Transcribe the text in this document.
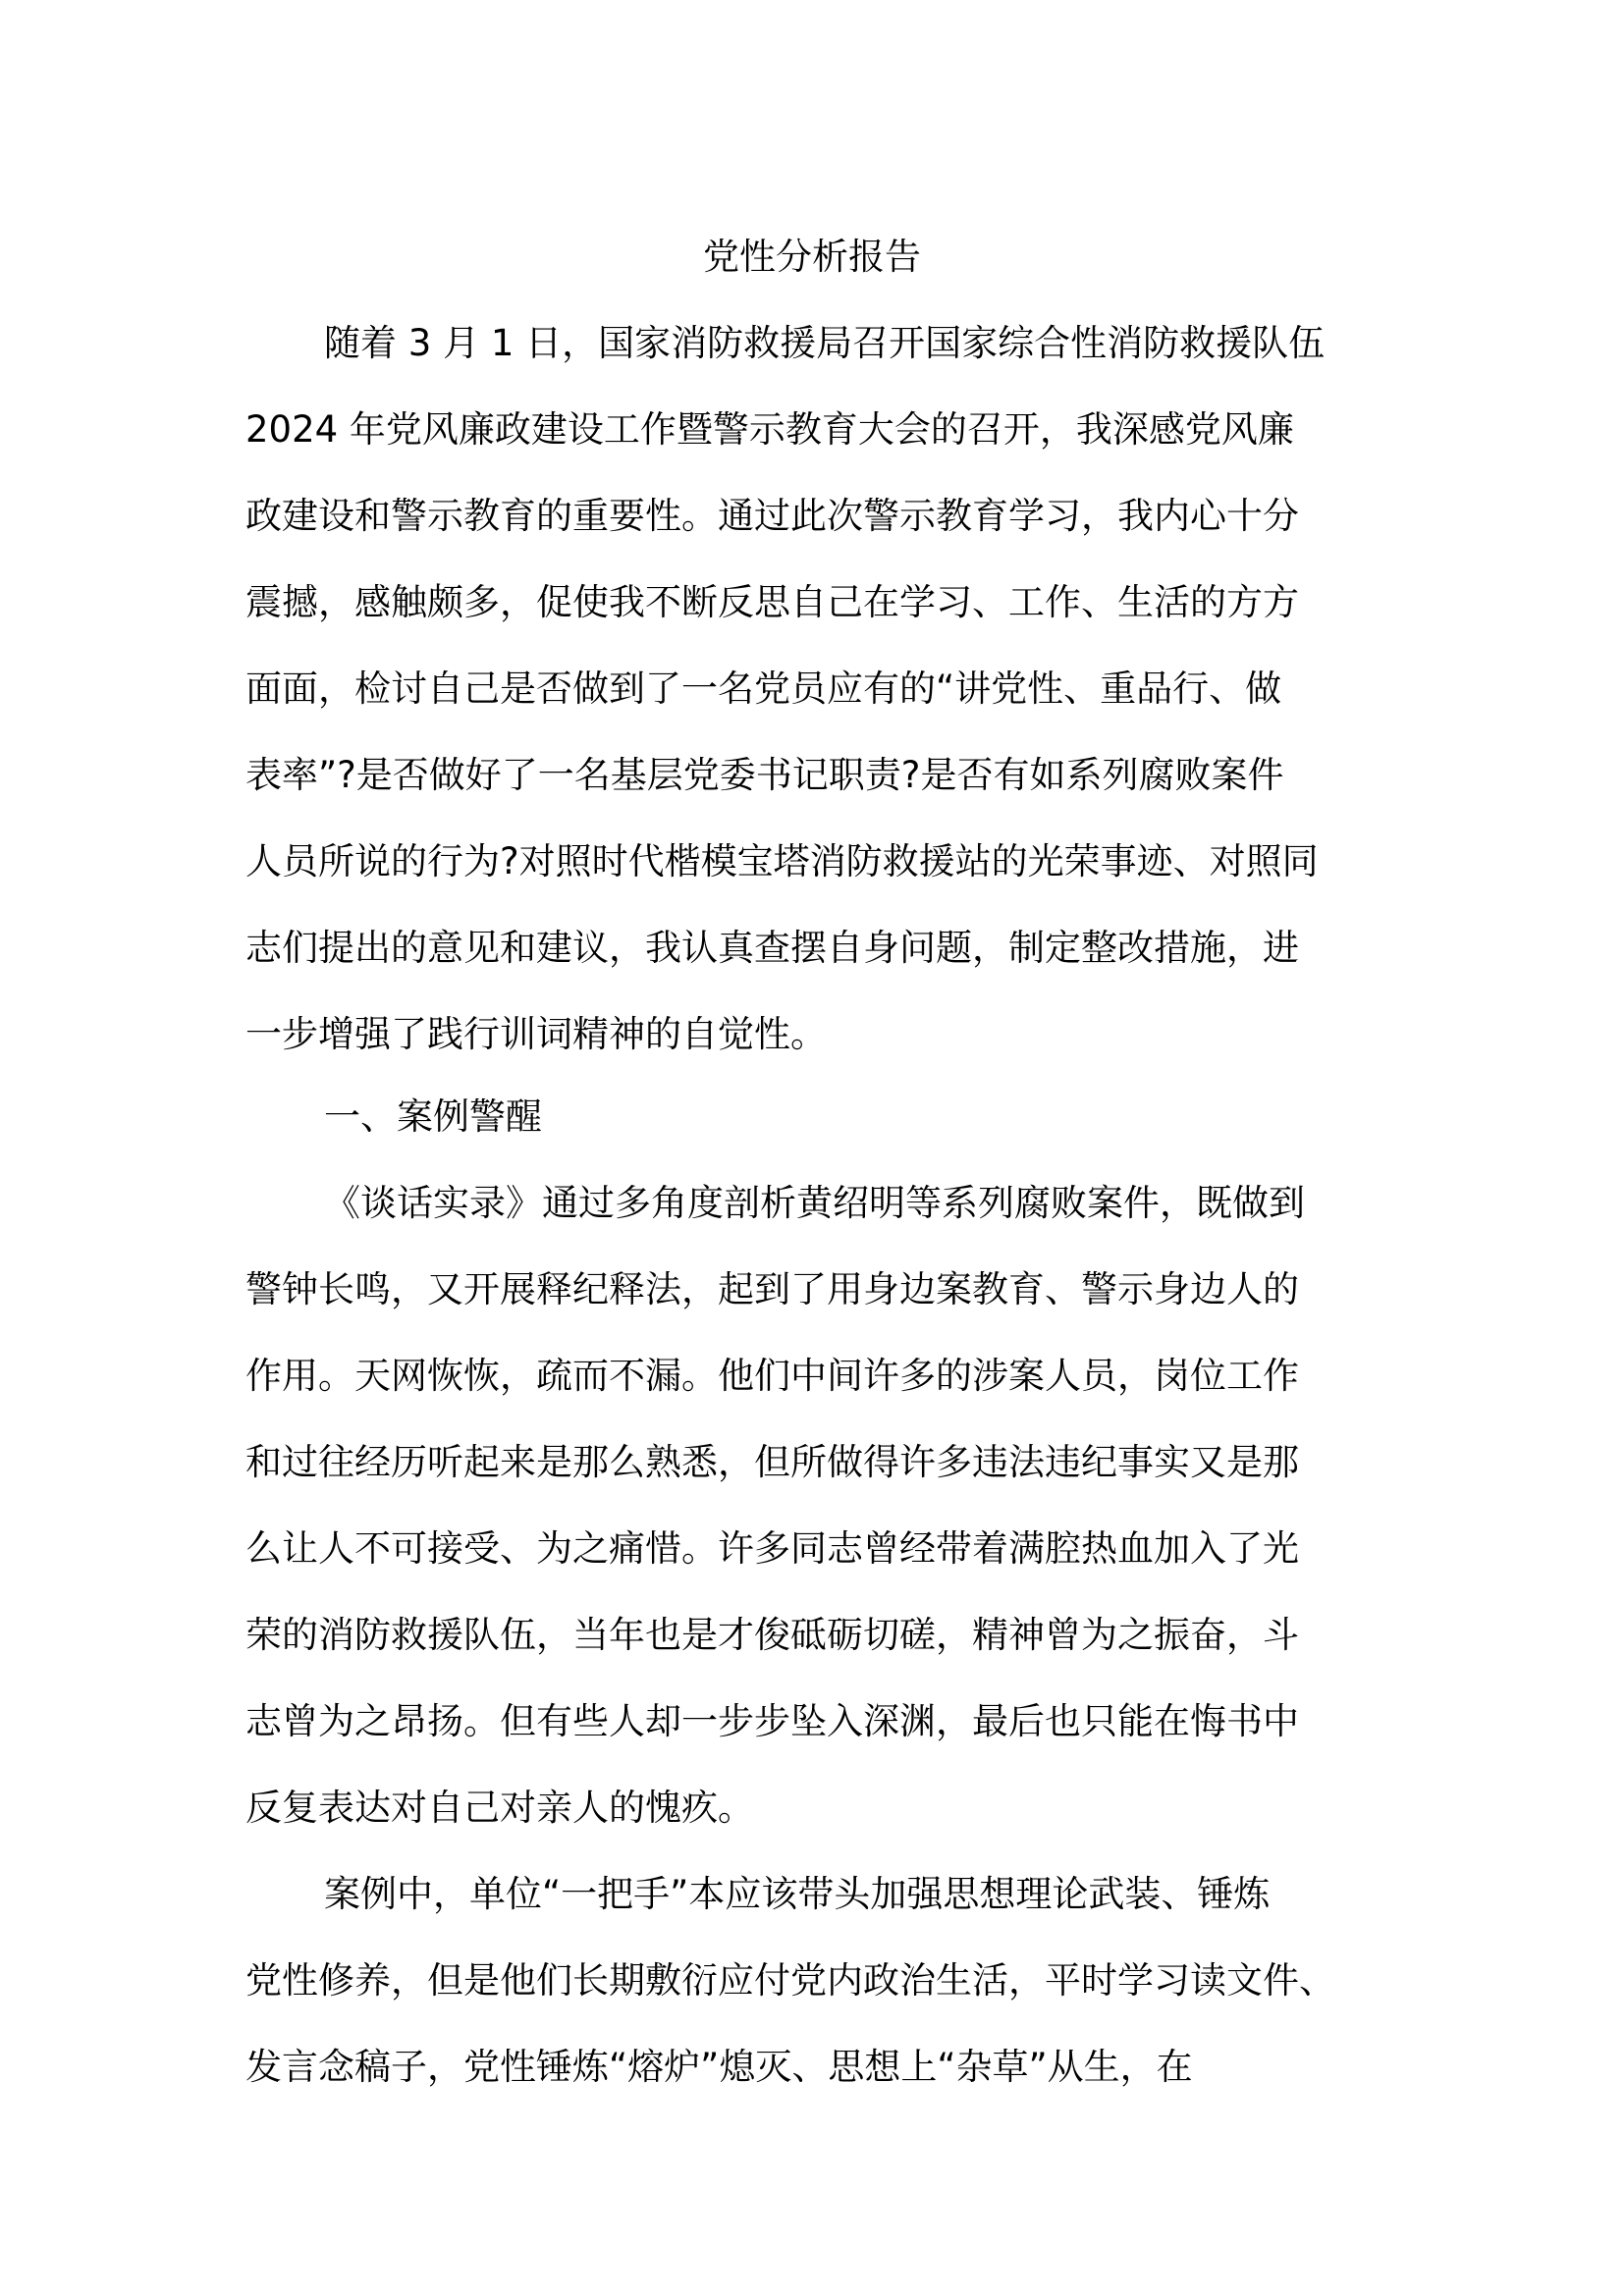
党性分析报告

随着 3 月 1 日，国家消防救援局召开国家综合性消防救援队伍

2024 年党风廉政建设工作暨警示教育大会的召开，我深感党风廉

政建设和警示教育的重要性。通过此次警示教育学习，我内心十分

震撼，感触颇多，促使我不断反思自己在学习、工作、生活的方方

面面，检讨自己是否做到了一名党员应有的“讲党性、重品行、做

表率”?是否做好了一名基层党委书记职责?是否有如系列腐败案件

人员所说的行为?对照时代楷模宝塔消防救援站的光荣事迹、对照同

志们提出的意见和建议，我认真查摆自身问题，制定整改措施，进

一步增强了践行训词精神的自觉性。

一、案例警醒

《谈话实录》通过多角度剖析黄绍明等系列腐败案件，既做到

警钟长鸣，又开展释纪释法，起到了用身边案教育、警示身边人的

作用。天网恢恢，疏而不漏。他们中间许多的涉案人员，岗位工作

和过往经历听起来是那么熟悉，但所做得许多违法违纪事实又是那

么让人不可接受、为之痛惜。许多同志曾经带着满腔热血加入了光

荣的消防救援队伍，当年也是才俊砥砺切磋，精神曾为之振奋，斗

志曾为之昂扬。但有些人却一步步坠入深渊，最后也只能在悔书中

反复表达对自己对亲人的愧疚。

案例中，单位“一把手”本应该带头加强思想理论武装、锤炼

党性修养，但是他们长期敷衍应付党内政治生活，平时学习读文件、

发言念稿子，党性锤炼“熔炉”熄灭、思想上“杂草”从生，在
